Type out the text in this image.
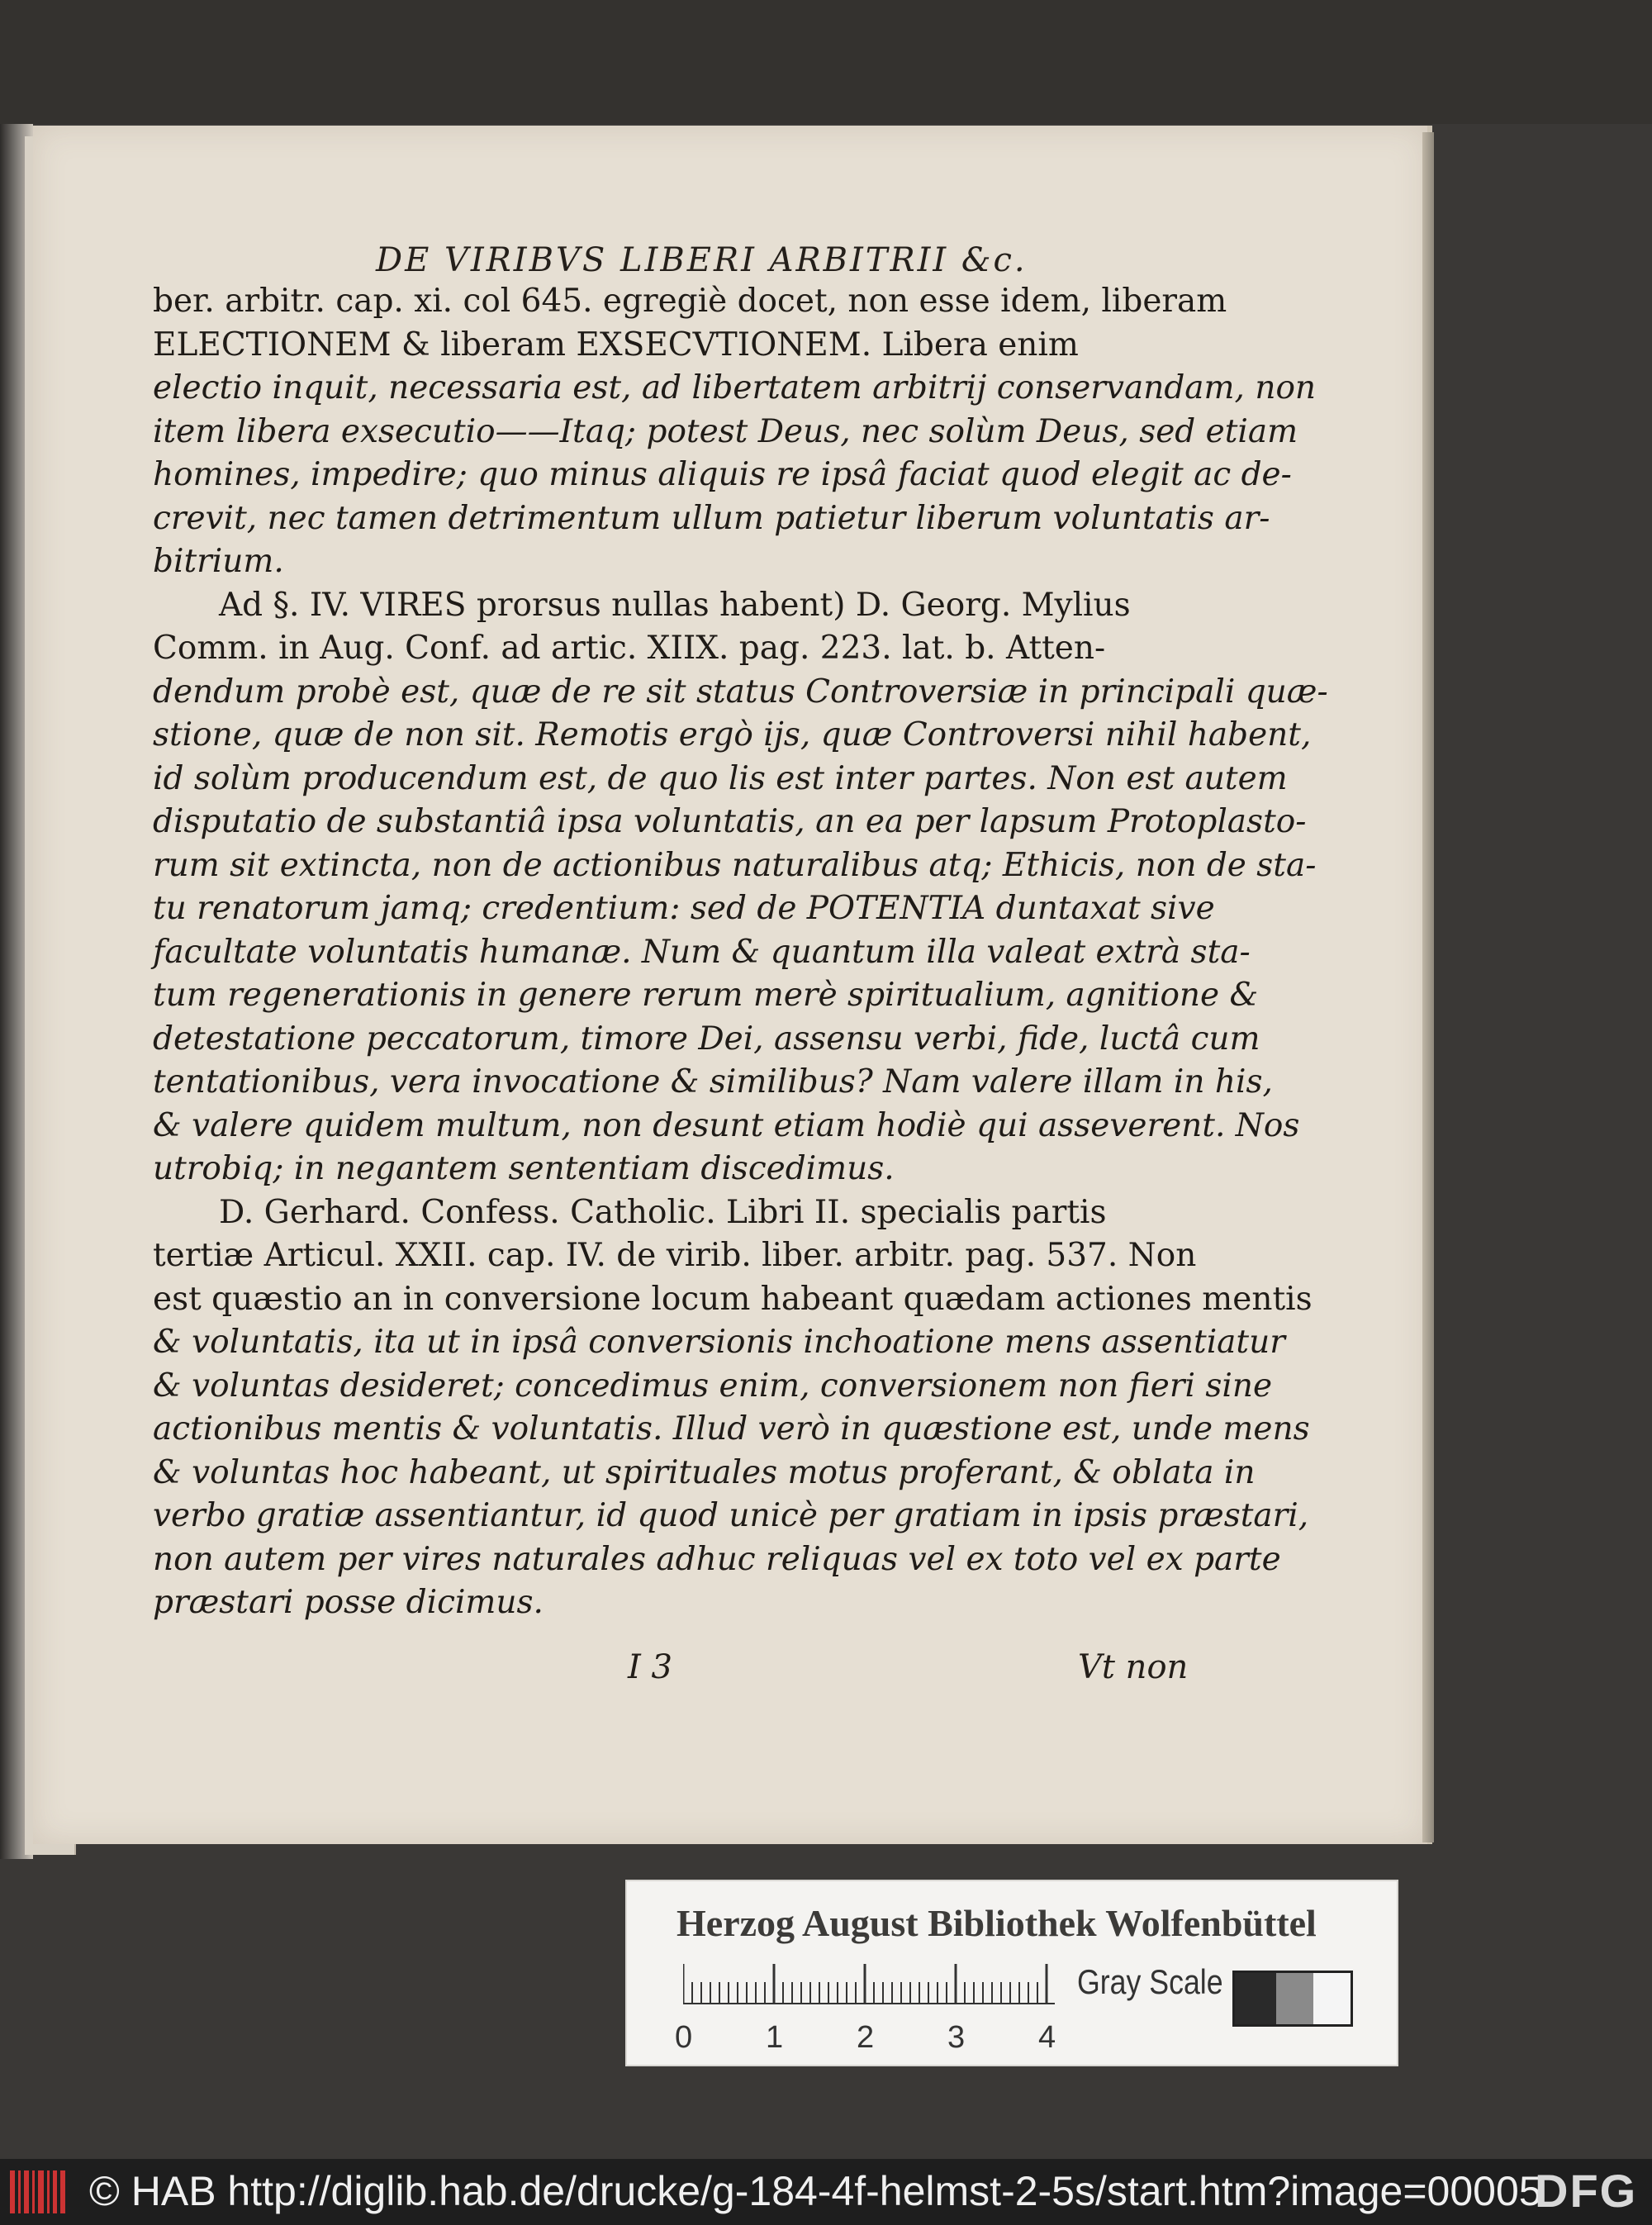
DE VIRIBVS LIBERI ARBITRII &c.
ber. arbitr. cap. xi. col 645. egregiè docet, non esse idem, liberam
ELECTIONEM & liberam EXSECVTIONEM. Libera enim
electio inquit, necessaria est, ad libertatem arbitrij conservandam, non
item libera exsecutio——Itaq; potest Deus, nec solùm Deus, sed etiam
homines, impedire; quo minus aliquis re ipsâ faciat quod elegit ac de-
crevit, nec tamen detrimentum ullum patietur liberum voluntatis ar-
bitrium.
Ad §. IV. VIRES prorsus nullas habent) D. Georg. Mylius
Comm. in Aug. Conf. ad artic. XIIX. pag. 223. lat. b. Atten-
dendum probè est, quæ de re sit status Controversiæ in principali quæ-
stione, quæ de non sit. Remotis ergò ijs, quæ Controversi nihil habent,
id solùm producendum est, de quo lis est inter partes. Non est autem
disputatio de substantiâ ipsa voluntatis, an ea per lapsum Protoplasto-
rum sit extincta, non de actionibus naturalibus atq; Ethicis, non de sta-
tu renatorum jamq; credentium: sed de POTENTIA duntaxat sive
facultate voluntatis humanæ. Num & quantum illa valeat extrà sta-
tum regenerationis in genere rerum merè spiritualium, agnitione &
detestatione peccatorum, timore Dei, assensu verbi, fide, luctâ cum
tentationibus, vera invocatione & similibus? Nam valere illam in his,
& valere quidem multum, non desunt etiam hodiè qui asseverent. Nos
utrobiq; in negantem sententiam discedimus.
D. Gerhard. Confess. Catholic. Libri II. specialis partis
tertiæ Articul. XXII. cap. IV. de virib. liber. arbitr. pag. 537. Non
est quæstio an in conversione locum habeant quædam actiones mentis
& voluntatis, ita ut in ipsâ conversionis inchoatione mens assentiatur
& voluntas desideret; concedimus enim, conversionem non fieri sine
actionibus mentis & voluntatis. Illud verò in quæstione est, unde mens
& voluntas hoc habeant, ut spirituales motus proferant, & oblata in
verbo gratiæ assentiantur, id quod unicè per gratiam in ipsis præstari,
non autem per vires naturales adhuc reliquas vel ex toto vel ex parte
præstari posse dicimus.
I 3	Vt non
Herzog August Bibliothek Wolfenbüttel
0 1 2 3 4
Gray Scale
© HAB http://diglib.hab.de/drucke/g-184-4f-helmst-2-5s/start.htm?image=00005
DFG
